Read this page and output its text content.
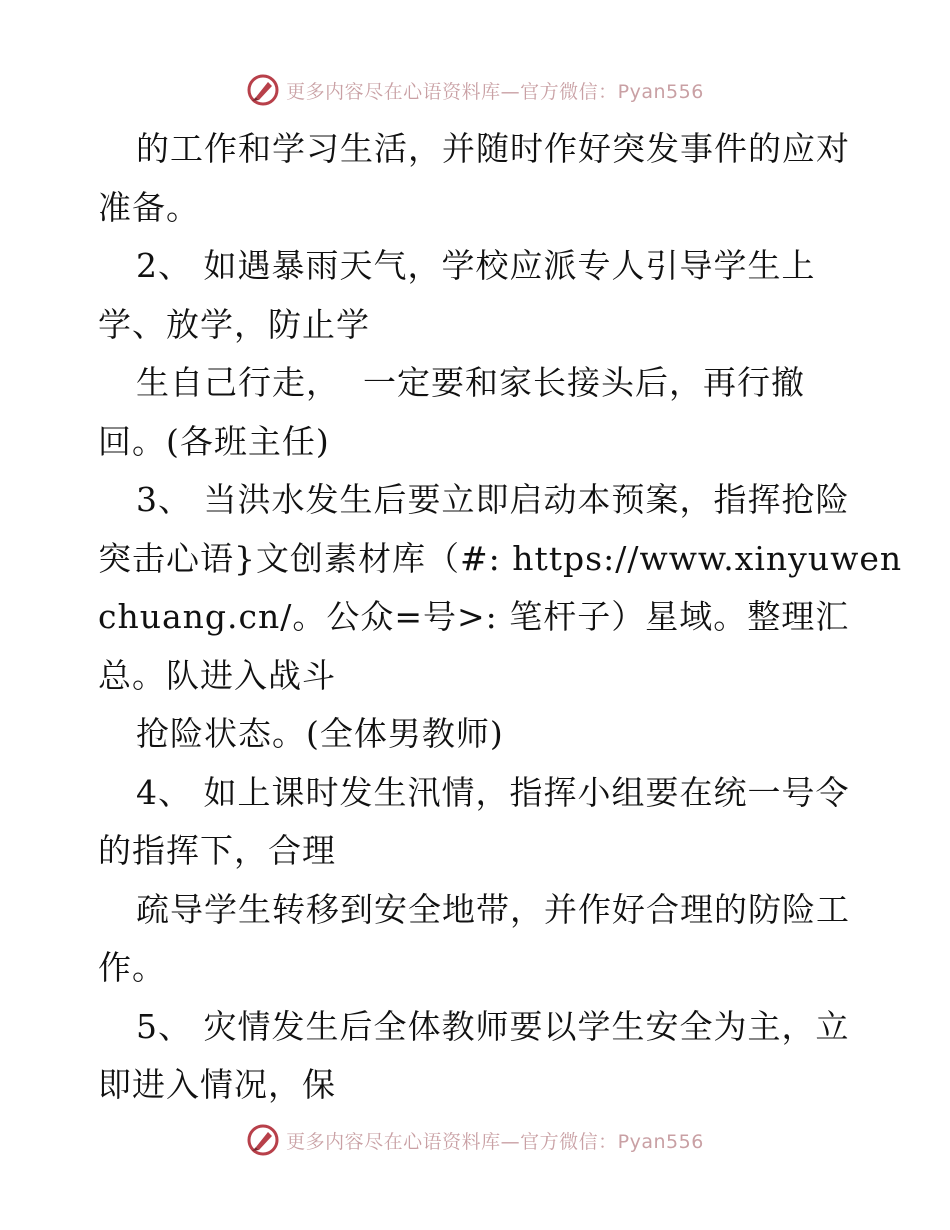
更多内容尽在心语资料库—官方微信：Pyan556
的工作和学习生活，并随时作好突发事件的应对
准备。
2、 如遇暴雨天气，学校应派专人引导学生上
学、放学，防止学
生自己行走，  一定要和家长接头后，再行撤
回。(各班主任)
3、 当洪水发生后要立即启动本预案，指挥抢险
突击心语}文创素材库（#: https://www.xinyuwen
chuang.cn/。公众=号>: 笔杆子）星域。整理汇
总。队进入战斗
抢险状态。(全体男教师)
4、 如上课时发生汛情，指挥小组要在统一号令
的指挥下，合理
疏导学生转移到安全地带，并作好合理的防险工
作。
5、 灾情发生后全体教师要以学生安全为主，立
即进入情况，保
更多内容尽在心语资料库—官方微信：Pyan556
